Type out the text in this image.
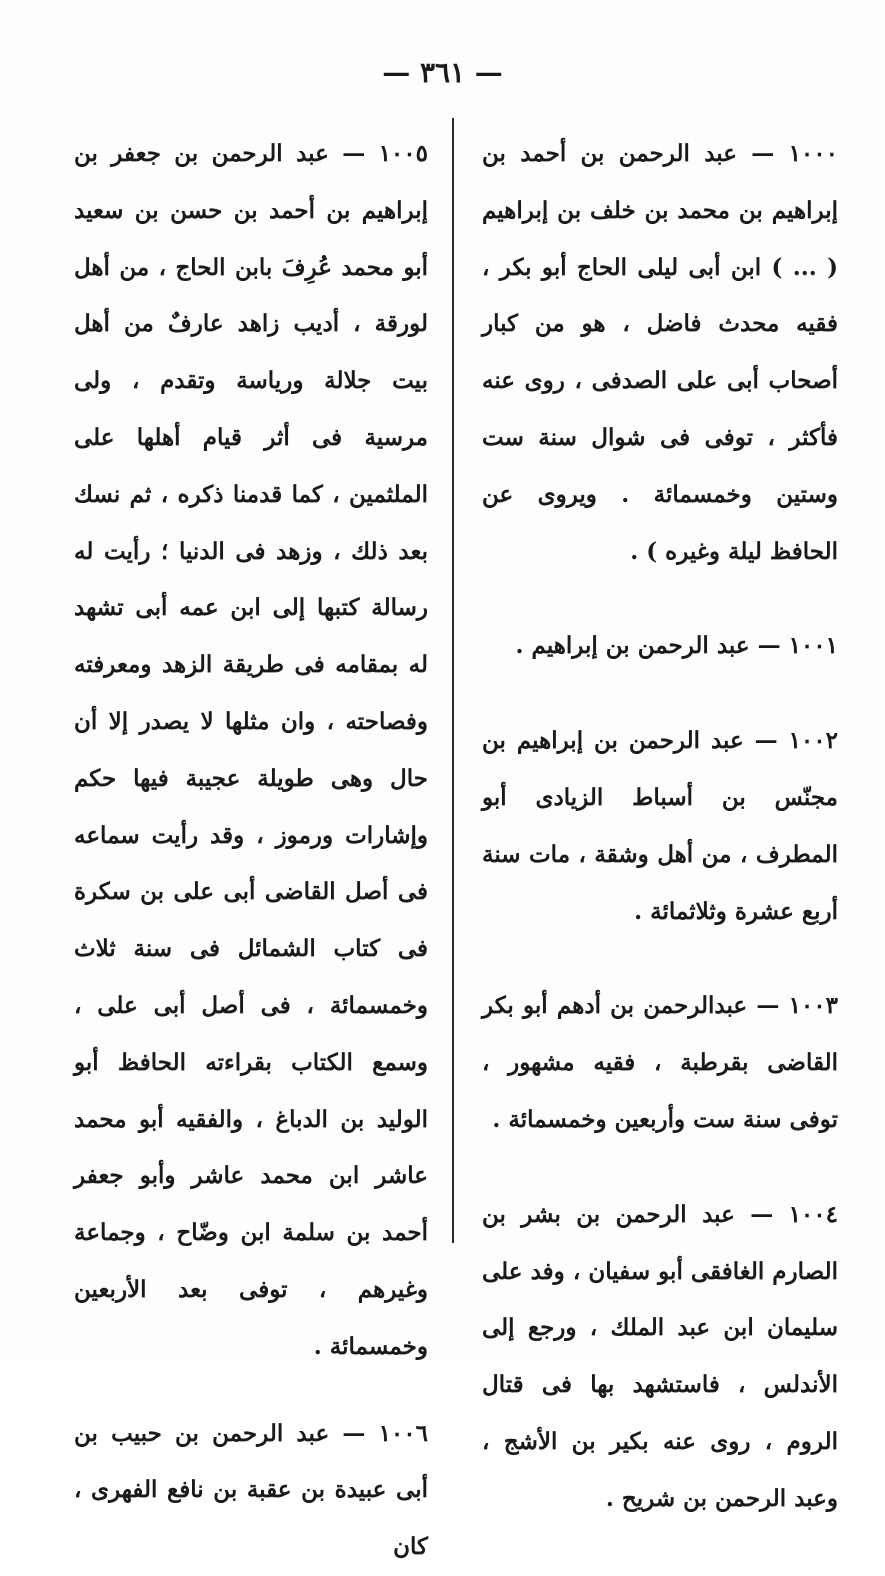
— ٣٦١ —

١٠٠٠ — عبد الرحمن بن أحمد بن إبراهيم بن محمد بن خلف بن إبراهيم ( ... ) ابن أبى ليلى الحاج أبو بكر ، فقيه محدث فاضل ، هو من كبار أصحاب أبى على الصدفى ، روى عنه فأكثر ، توفى فى شوال سنة ست وستين وخمسمائة . ويروى عن الحافظ ليلة وغيره ) .

١٠٠١ — عبد الرحمن بن إبراهيم .

١٠٠٢ — عبد الرحمن بن إبراهيم بن مجنّس بن أسباط الزيادى أبو المطرف ، من أهل وشقة ، مات سنة أربع عشرة وثلاثمائة .

١٠٠٣ — عبدالرحمن بن أدهم أبو بكر القاضى بقرطبة ، فقيه مشهور ، توفى سنة ست وأربعين وخمسمائة .

١٠٠٤ — عبد الرحمن بن بشر بن الصارم الغافقى أبو سفيان ، وفد على سليمان ابن عبد الملك ، ورجع إلى الأندلس ، فاستشهد بها فى قتال الروم ، روى عنه بكير بن الأشج ، وعبد الرحمن بن شريح .

١٠٠٥ — عبد الرحمن بن جعفر بن إبراهيم بن أحمد بن حسن بن سعيد أبو محمد عُرِفَ بابن الحاج ، من أهل لورقة ، أديب زاهد عارفٌ من أهل بيت جلالة ورياسة وتقدم ، ولى مرسية فى أثر قيام أهلها على الملثمين ، كما قدمنا ذكره ، ثم نسك بعد ذلك ، وزهد فى الدنيا ؛ رأيت له رسالة كتبها إلى ابن عمه أبى تشهد له بمقامه فى طريقة الزهد ومعرفته وفصاحته ، وان مثلها لا يصدر إلا أن حال وهى طويلة عجيبة فيها حكم وإشارات ورموز ، وقد رأيت سماعه فى أصل القاضى أبى على بن سكرة فى كتاب الشمائل فى سنة ثلاث وخمسمائة ، فى أصل أبى على ، وسمع الكتاب بقراءته الحافظ أبو الوليد بن الدباغ ، والفقيه أبو محمد عاشر ابن محمد عاشر وأبو جعفر أحمد بن سلمة ابن وضّاح ، وجماعة وغيرهم ، توفى بعد الأربعين وخمسمائة .

١٠٠٦ — عبد الرحمن بن حبيب بن أبى عبيدة بن عقبة بن نافع الفهرى ، كان
